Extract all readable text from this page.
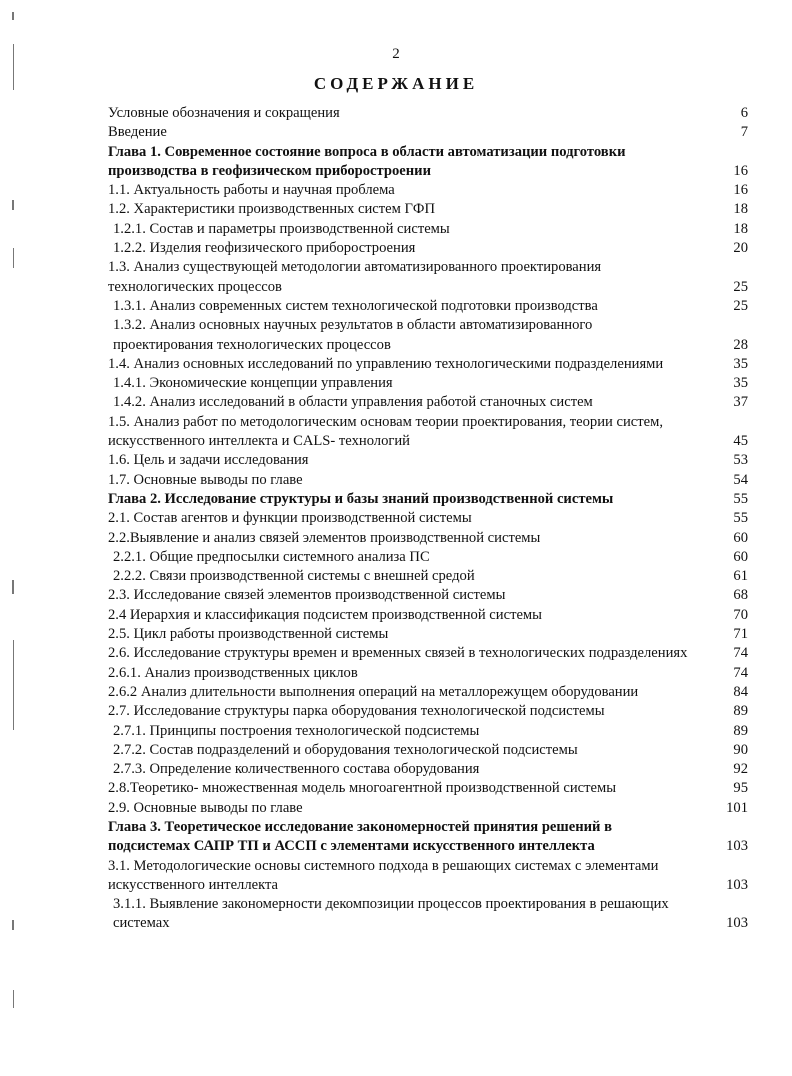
2
СОДЕРЖАНИЕ
Условные обозначения и сокращения	6
Введение	7
Глава 1. Современное состояние вопроса в области автоматизации подготовки производства в геофизическом приборостроении	16
1.1. Актуальность работы и научная проблема	16
1.2. Характеристики производственных систем ГФП	18
1.2.1. Состав и параметры производственной системы	18
1.2.2. Изделия геофизического приборостроения	20
1.3. Анализ существующей методологии автоматизированного проектирования технологических процессов	25
1.3.1. Анализ современных систем технологической подготовки производства	25
1.3.2. Анализ основных научных результатов в области автоматизированного проектирования технологических процессов	28
1.4. Анализ основных исследований по управлению технологическими подразделениями	35
1.4.1. Экономические концепции управления	35
1.4.2. Анализ исследований в области управления работой станочных систем	37
1.5. Анализ работ по методологическим основам теории проектирования, теории систем, искусственного интеллекта и CALS- технологий	45
1.6. Цель и задачи исследования	53
1.7. Основные выводы по главе	54
Глава 2. Исследование структуры и базы знаний производственной системы	55
2.1. Состав агентов и функции производственной системы	55
2.2.Выявление и анализ связей элементов производственной системы	60
2.2.1. Общие предпосылки системного анализа ПС	60
2.2.2. Связи производственной системы с внешней средой	61
2.3. Исследование связей элементов производственной системы	68
2.4 Иерархия и классификация подсистем производственной системы	70
2.5. Цикл работы производственной системы	71
2.6. Исследование структуры времен и временных связей в технологических подразделениях	74
2.6.1. Анализ производственных циклов	74
2.6.2 Анализ длительности выполнения операций на металлорежущем оборудовании	84
2.7. Исследование структуры парка оборудования технологической подсистемы	89
2.7.1. Принципы построения технологической подсистемы	89
2.7.2. Состав подразделений и оборудования технологической подсистемы	90
2.7.3. Определение количественного состава оборудования	92
2.8.Теоретико- множественная модель многоагентной производственной системы	95
2.9. Основные выводы по главе	101
Глава 3. Теоретическое исследование закономерностей принятия решений в подсистемах САПР ТП и АССП с элементами искусственного интеллекта	103
3.1. Методологические основы системного подхода в решающих системах с элементами искусственного интеллекта	103
3.1.1. Выявление закономерности декомпозиции процессов проектирования в решающих системах	103
